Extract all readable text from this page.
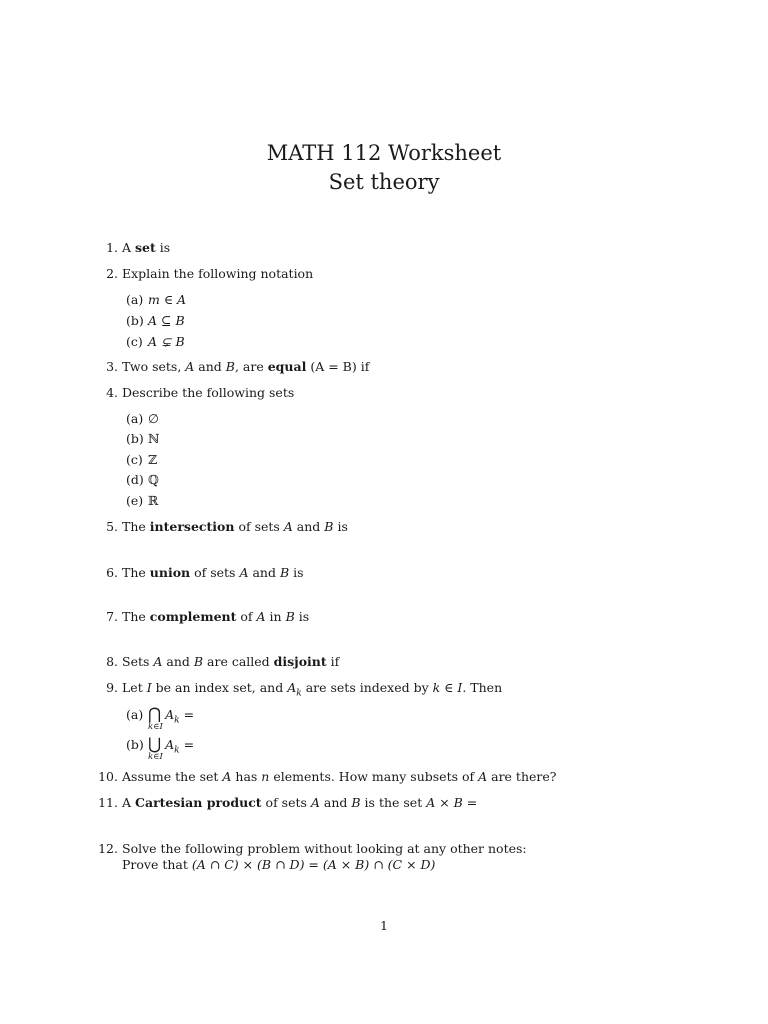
MATH 112 Worksheet
Set theory
1. A set is
2. Explain the following notation
(a) m ∈ A
(b) A ⊆ B
(c) A ⊊ B
3. Two sets, A and B, are equal (A = B) if
4. Describe the following sets
(a) ∅
(b) ℕ
(c) ℤ
(d) ℚ
(e) ℝ
5. The intersection of sets A and B is
6. The union of sets A and B is
7. The complement of A in B is
8. Sets A and B are called disjoint if
9. Let I be an index set, and $A_k$ are sets indexed by k ∈ I. Then
(a) ⋂ $A_k$ =
k∈I
(b) ⋃ $A_k$ =
k∈I
10. Assume the set A has n elements. How many subsets of A are there?
11. A Cartesian product of sets A and B is the set A × B =
12. Solve the following problem without looking at any other notes:
Prove that (A ∩ C) × (B ∩ D) = (A × B) ∩ (C × D)
1
